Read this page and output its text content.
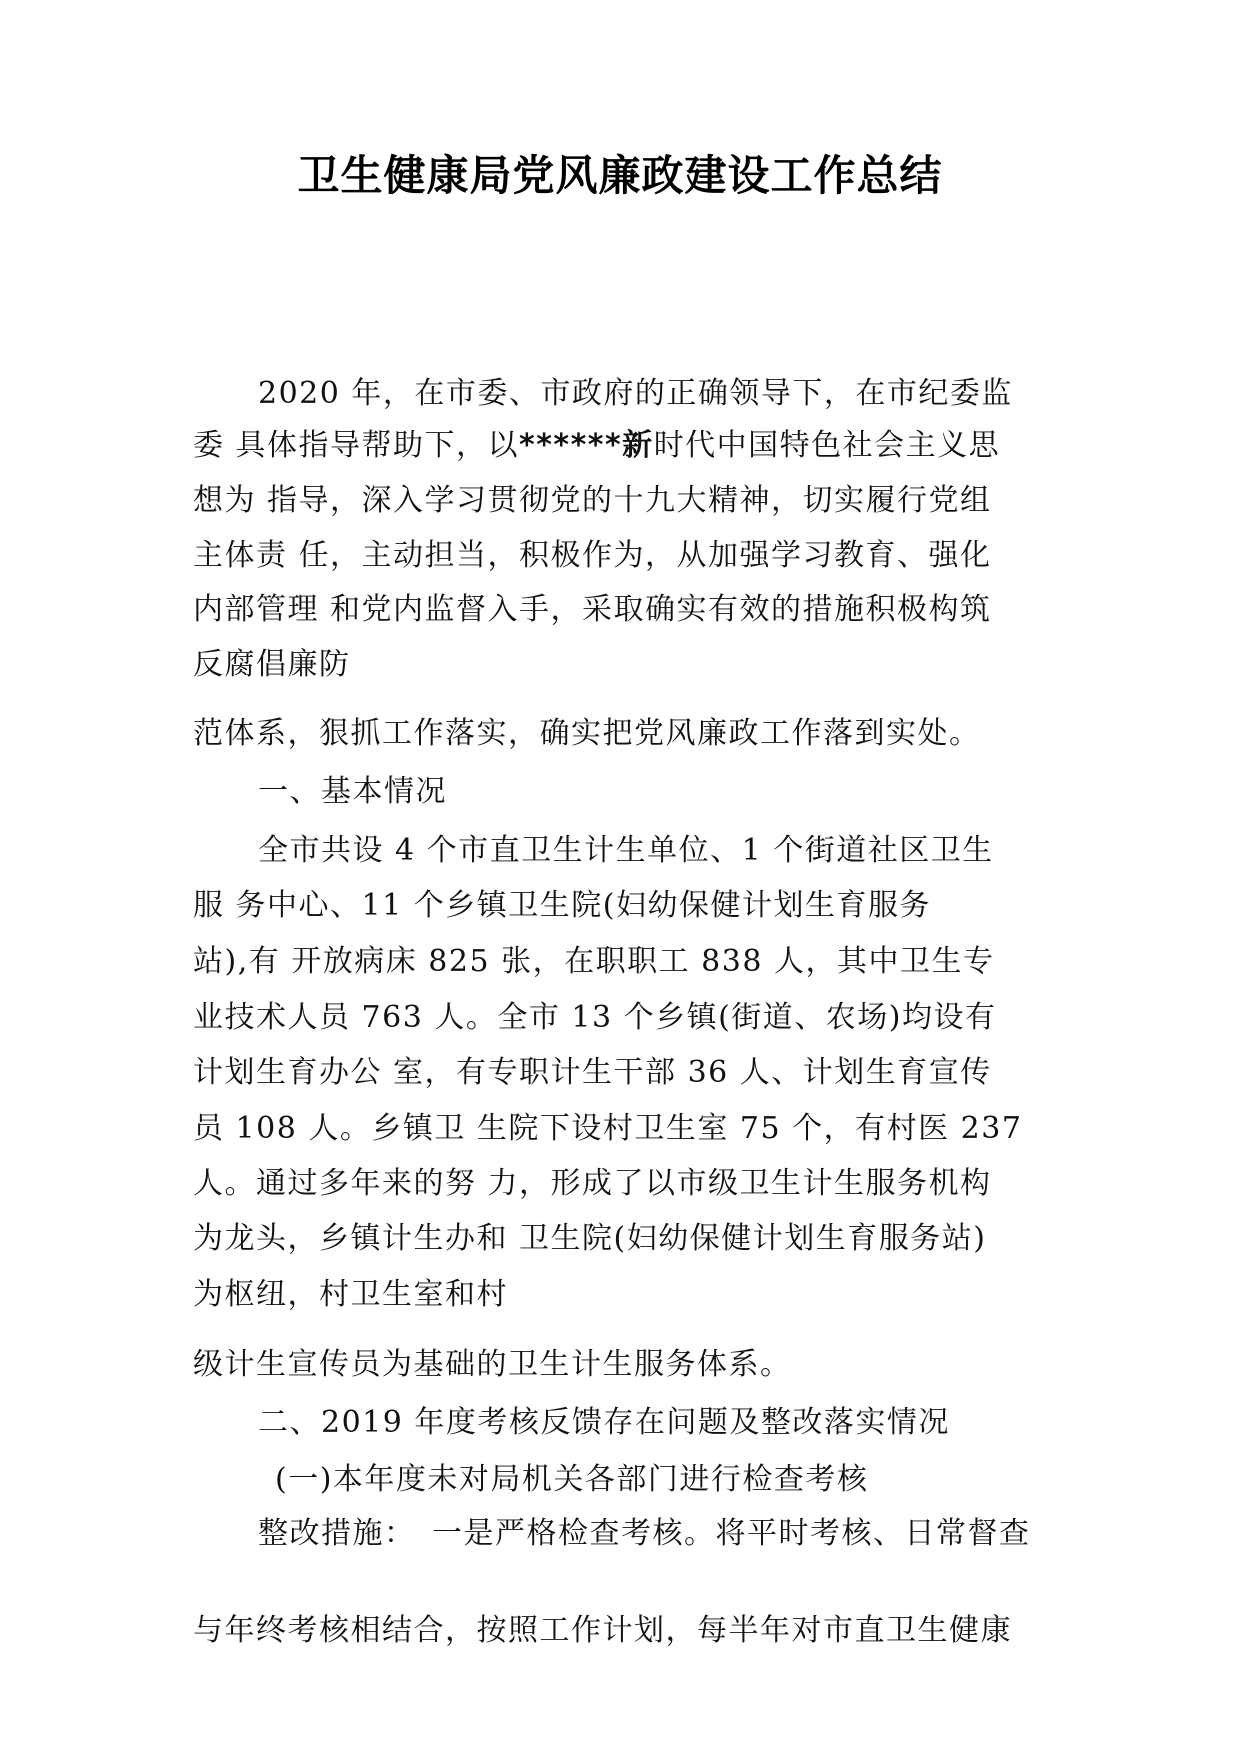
卫生健康局党风廉政建设工作总结
2020 年，在市委、市政府的正确领导下，在市纪委监
委 具体指导帮助下，以******新时代中国特色社会主义思
想为 指导，深入学习贯彻党的十九大精神，切实履行党组
主体责 任，主动担当，积极作为，从加强学习教育、强化
内部管理 和党内监督入手，采取确实有效的措施积极构筑
反腐倡廉防
范体系，狠抓工作落实，确实把党风廉政工作落到实处。
一、基本情况
全市共设 4 个市直卫生计生单位、1 个街道社区卫生
服 务中心、11 个乡镇卫生院(妇幼保健计划生育服务
站),有 开放病床 825 张，在职职工 838 人，其中卫生专
业技术人员 763 人。全市 13 个乡镇(街道、农场)均设有
计划生育办公 室，有专职计生干部 36 人、计划生育宣传
员 108 人。乡镇卫 生院下设村卫生室 75 个，有村医 237
人。通过多年来的努 力，形成了以市级卫生计生服务机构
为龙头，乡镇计生办和 卫生院(妇幼保健计划生育服务站)
为枢纽，村卫生室和村
级计生宣传员为基础的卫生计生服务体系。
二、2019 年度考核反馈存在问题及整改落实情况
(一)本年度未对局机关各部门进行检查考核
整改措施：　一是严格检查考核。将平时考核、日常督查
与年终考核相结合，按照工作计划，每半年对市直卫生健康
